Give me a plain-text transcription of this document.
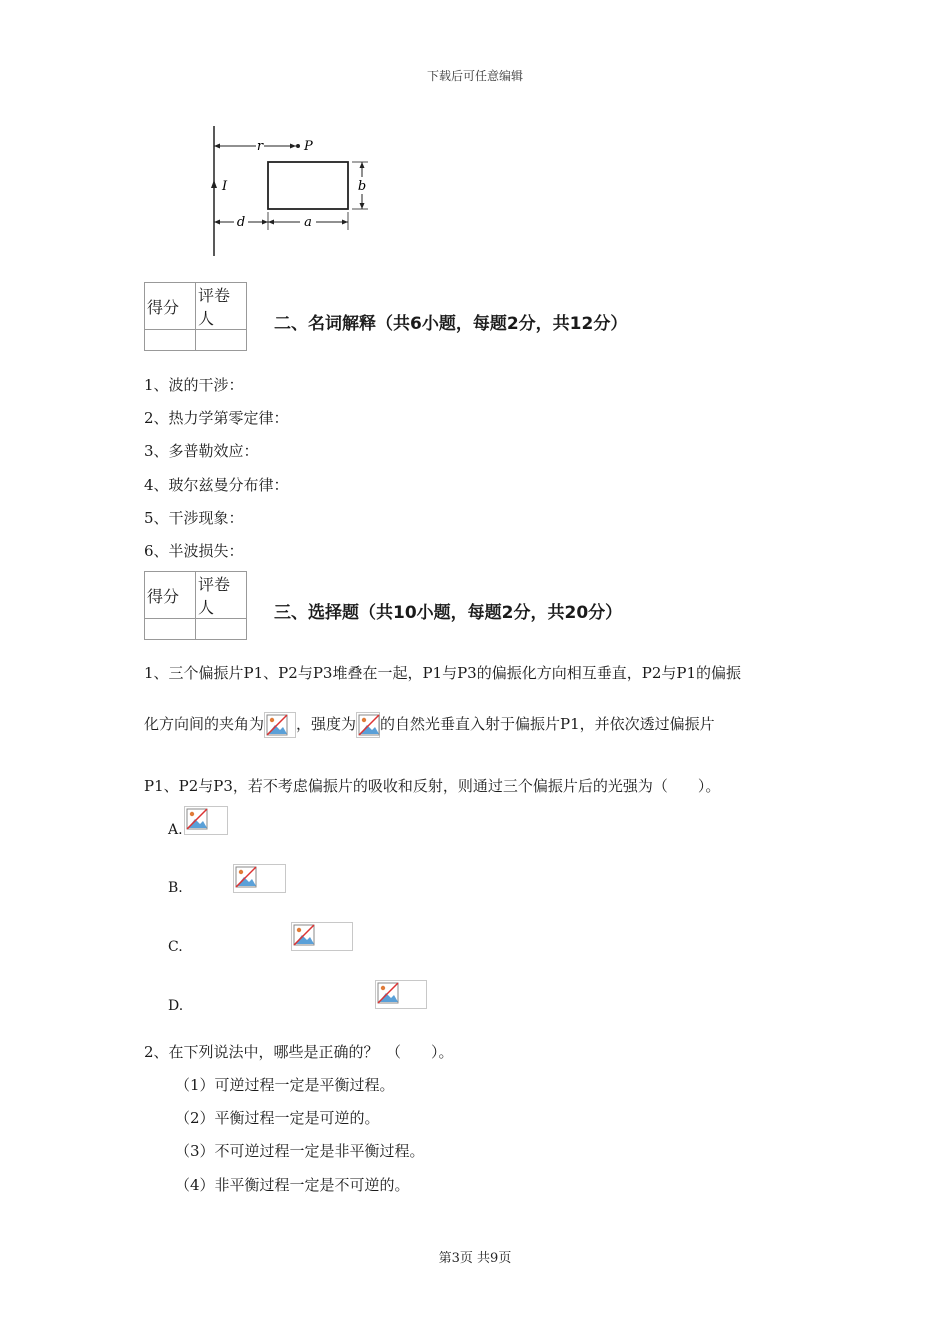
下载后可任意编辑
r	P
I	b
d	a
得分	评卷人
		二、名词解释（共6小题，每题2分，共12分）
1、波的干涉：
2、热力学第零定律：
3、多普勒效应：
4、玻尔兹曼分布律：
5、干涉现象：
6、半波损失：
得分	评卷人
		三、选择题（共10小题，每题2分，共20分）
1、三个偏振片P1、P2与P3堆叠在一起，P1与P3的偏振化方向相互垂直，P2与P1的偏振
化方向间的夹角为 ，强度为 的自然光垂直入射于偏振片P1，并依次透过偏振片
P1、P2与P3，若不考虑偏振片的吸收和反射，则通过三个偏振片后的光强为（　　）。
A.

B.

C.

D.
2、在下列说法中，哪些是正确的？　（　　）。
（1）可逆过程一定是平衡过程。
（2）平衡过程一定是可逆的。
（3）不可逆过程一定是非平衡过程。
（4）非平衡过程一定是不可逆的。
第3页 共9页
